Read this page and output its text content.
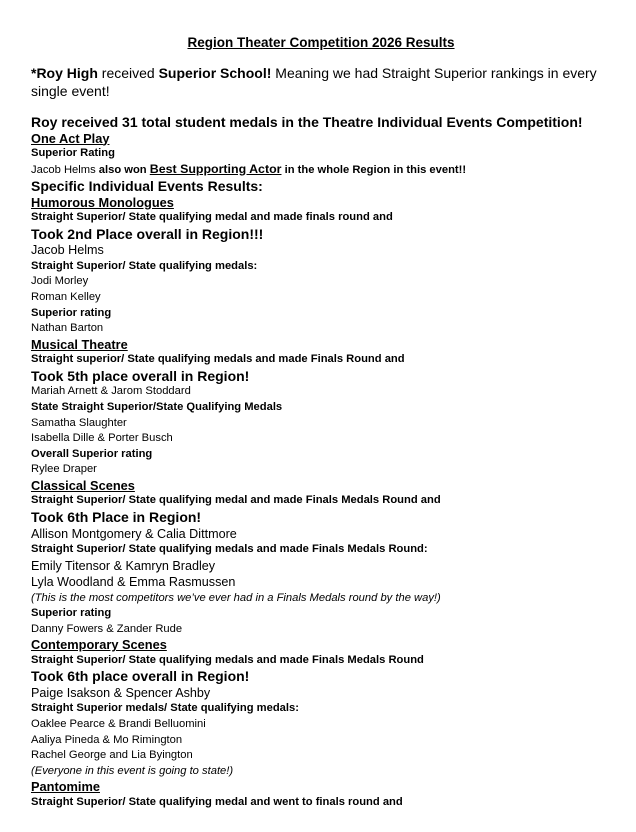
Region Theater Competition 2026 Results

*Roy High received Superior School! Meaning we had Straight Superior rankings in every single event!

Roy received 31 total student medals in the Theatre Individual Events Competition!

One Act Play

Superior Rating

Jacob Helms also won Best Supporting Actor in the whole Region in this event!!

Specific Individual Events Results:

Humorous Monologues

Straight Superior/ State qualifying medal and made finals round and

Took 2nd Place overall in Region!!!

Jacob Helms

Straight Superior/ State qualifying medals:

Jodi Morley

Roman Kelley

Superior rating

Nathan Barton

Musical Theatre

Straight superior/ State qualifying medals and made Finals Round and

Took 5th place overall in Region!

Mariah Arnett & Jarom Stoddard

State Straight Superior/State Qualifying Medals

Samatha Slaughter

Isabella Dille & Porter Busch

Overall Superior rating

Rylee Draper

Classical Scenes

Straight Superior/ State qualifying medal and made Finals Medals Round and

Took 6th Place in Region!

Allison Montgomery & Calia Dittmore

Straight Superior/ State qualifying medals and made Finals Medals Round:

Emily Titensor & Kamryn Bradley

Lyla Woodland & Emma Rasmussen

(This is the most competitors we’ve ever had in a Finals Medals round by the way!)

Superior rating

Danny Fowers & Zander Rude

Contemporary Scenes

Straight Superior/ State qualifying medals and made Finals Medals Round

Took 6th place overall in Region!

Paige Isakson & Spencer Ashby

Straight Superior medals/ State qualifying medals:

Oaklee Pearce & Brandi Belluomini

Aaliya Pineda & Mo Rimington

Rachel George and Lia Byington

(Everyone in this event is going to state!)

Pantomime

Straight Superior/ State qualifying medal and went to finals round and
